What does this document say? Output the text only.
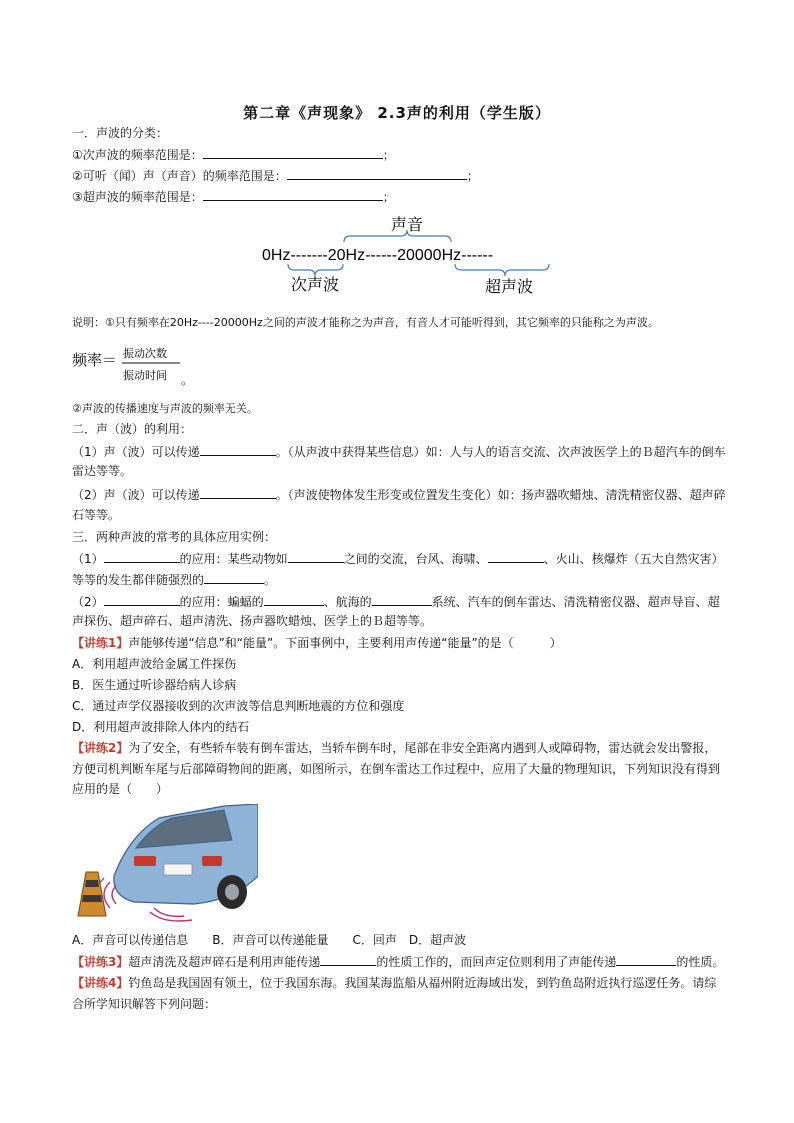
第二章《声现象》 2.3声的利用（学生版）
一．声波的分类：
①次声波的频率范围是：	；
②可听（闻）声（声音）的频率范围是：	；
③超声波的频率范围是：	；
声音
0Hz-------20Hz------20000Hz------
次声波	超声波
说明：①只有频率在20Hz----20000Hz之间的声波才能称之为声音，有音人才可能听得到，其它频率的只能称之为声波。
频率＝ 振动次数
振动时间 。
②声波的传播速度与声波的频率无关。
二．声（波）的利用：
（1）声（波）可以传递	。（从声波中获得某些信息）如：人与人的语言交流、次声波医学上的Ｂ超汽车的倒车
雷达等等。
（2）声（波）可以传递	。（声波使物体发生形变或位置发生变化）如：扬声器吹蜡烛、清洗精密仪器、超声碎
石等等。
三．两种声波的常考的具体应用实例：
（1）	的应用：某些动物如	之间的交流，台风、海啸、	、火山、核爆炸（五大自然灾害）
等等的发生都伴随强烈的	。
（2）	的应用：蝙蝠的	、航海的	系统、汽车的倒车雷达、清洗精密仪器、超声导盲、超
声探伤、超声碎石、超声清洗、扬声器吹蜡烛、医学上的Ｂ超等等。
【讲练1】声能够传递“信息”和“能量”。下面事例中，主要利用声传递“能量”的是（　　　）
A．利用超声波给金属工件探伤
B．医生通过听诊器给病人诊病
C．通过声学仪器接收到的次声波等信息判断地震的方位和强度
D．利用超声波排除人体内的结石
【讲练2】为了安全，有些轿车装有倒车雷达，当轿车倒车时，尾部在非安全距离内遇到人或障碍物，雷达就会发出警报，
方便司机判断车尾与后部障碍物间的距离，如图所示，在倒车雷达工作过程中，应用了大量的物理知识，下列知识没有得到
应用的是（　　）
A．声音可以传递信息　　B．声音可以传递能量　　C．回声　D．超声波
【讲练3】超声清洗及超声碎石是利用声能传递	的性质工作的，而回声定位则利用了声能传递	的性质。
【讲练4】钓鱼岛是我国固有领土，位于我国东海。我国某海监船从福州附近海域出发，到钓鱼岛附近执行巡逻任务。请综
合所学知识解答下列问题：
